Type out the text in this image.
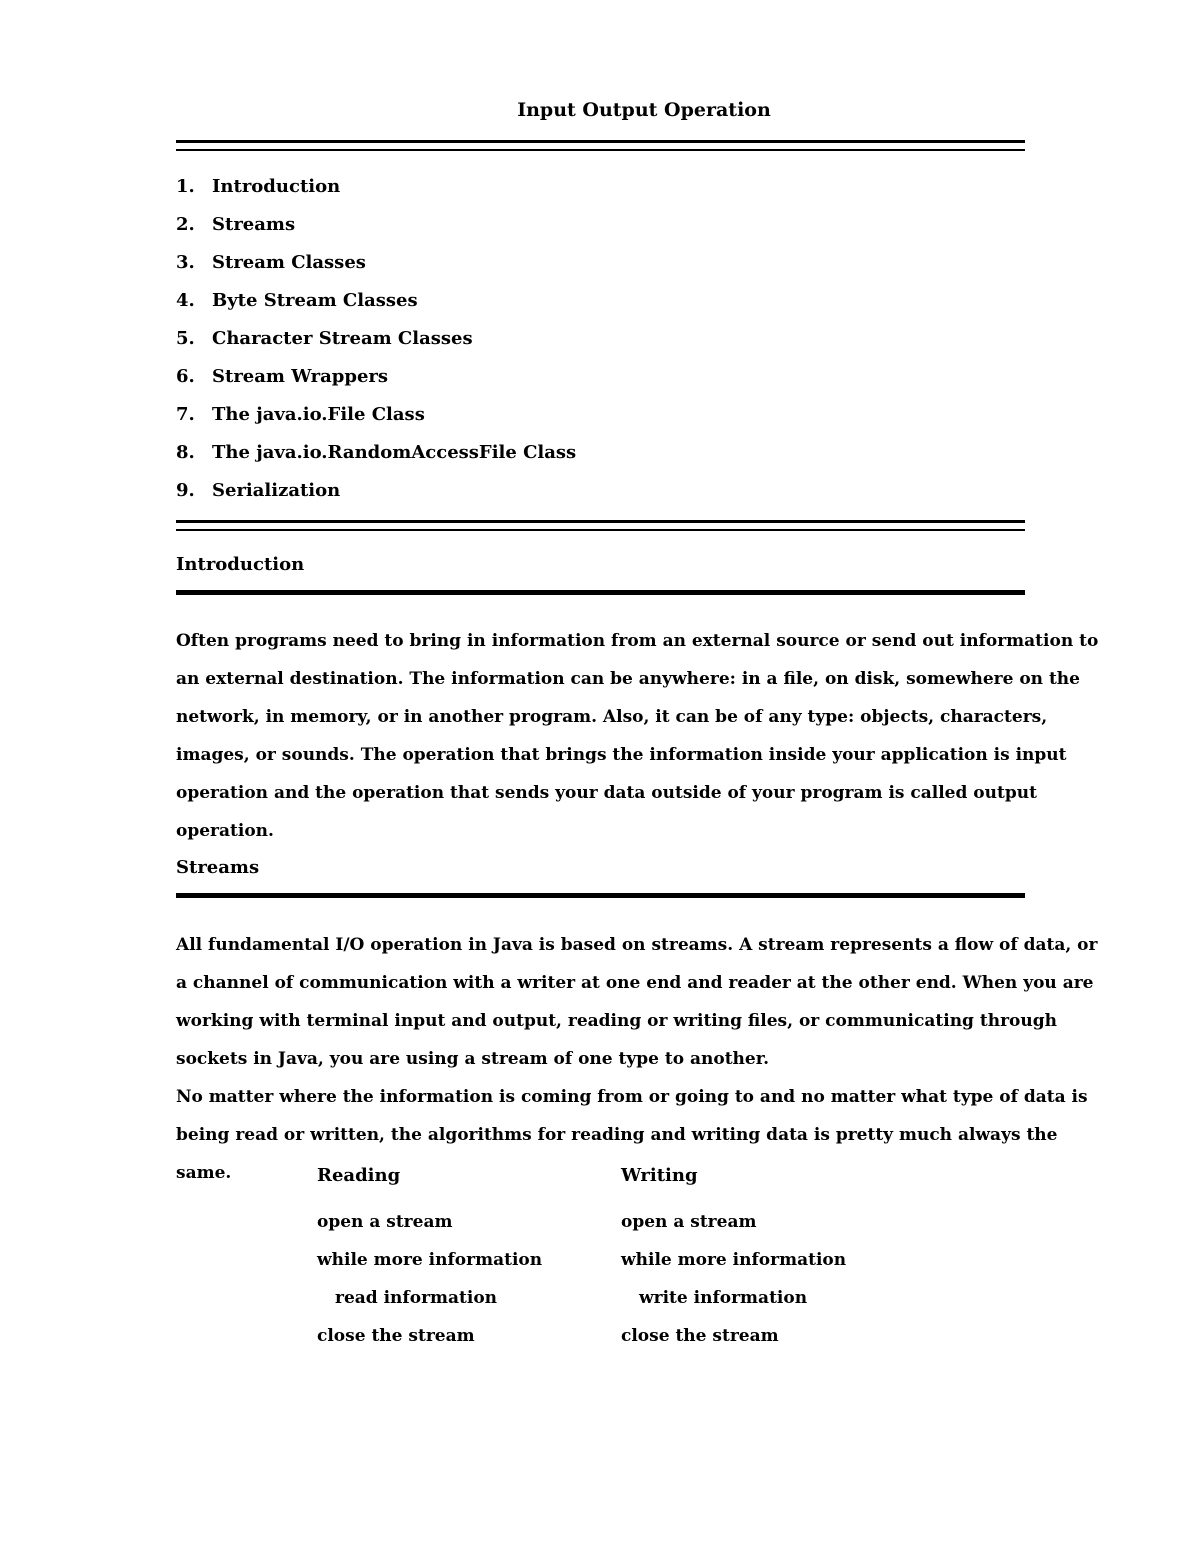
Input Output Operation
1. Introduction
2. Streams
3. Stream Classes
4. Byte Stream Classes
5. Character Stream Classes
6. Stream Wrappers
7. The java.io.File Class
8. The java.io.RandomAccessFile Class
9. Serialization
Introduction

Often programs need to bring in information from an external source or send out information to an external destination. The information can be anywhere: in a file, on disk, somewhere on the network, in memory, or in another program. Also, it can be of any type: objects, characters, images, or sounds. The operation that brings the information inside your application is input operation and the operation that sends your data outside of your program is called output operation.

Streams

All fundamental I/O operation in Java is based on streams. A stream represents a flow of data, or a channel of communication with a writer at one end and reader at the other end. When you are working with terminal input and output, reading or writing files, or communicating through sockets in Java, you are using a stream of one type to another.

No matter where the information is coming from or going to and no matter what type of data is being read or written, the algorithms for reading and writing data is pretty much always the same.	Reading
open a stream
while more information
read information
close the stream
Writing
open a stream
while more information
write information
close the stream
